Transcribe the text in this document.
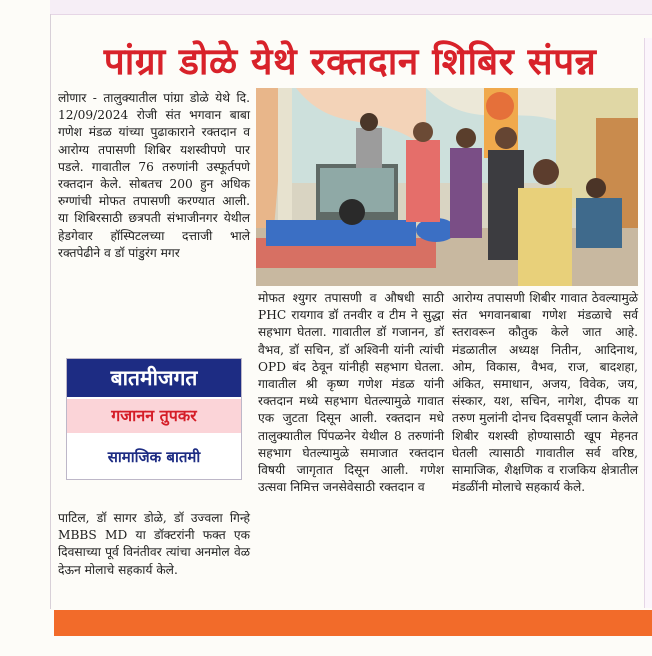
पांग्रा डोळे येथे रक्तदान शिबिर संपन्न

लोणार - तालुक्यातील पांग्रा डोळे येथे दि. 12/09/2024 रोजी संत भगवान बाबा गणेश मंडळ यांच्या पुढाकाराने रक्तदान व आरोग्य तपासणी शिबिर यशस्वीपणे पार पडले. गावातील 76 तरुणांनी उस्फूर्तपणे रक्तदान केले. सोबतच 200 हुन अधिक रुग्णांची मोफत तपासणी करण्यात आली. या शिबिरसाठी छत्रपती संभाजीनगर येथील हेडगेवार हॉस्पिटलच्या दत्ताजी भाले रक्तपेढीने व डॉ पांडुरंग मगर

बातमीजगत
गजानन तुपकर
सामाजिक बातमी

पाटिल, डॉ सागर डोळे, डॉ उज्वला गिन्हे MBBS MD या डॉक्टरांनी फक्त एक दिवसाच्या पूर्व विनंतीवर त्यांचा अनमोल वेळ देऊन मोलाचे सहकार्य केले.

मोफत श्युगर तपासणी व औषधी साठी PHC रायगाव डॉ तनवीर व टीम ने सुद्धा सहभाग घेतला. गावातील डॉ गजानन, डॉ वैभव, डॉ सचिन, डॉ अश्विनी यांनी त्यांची OPD बंद ठेवून यांनीही सहभाग घेतला. गावातील श्री कृष्ण गणेश मंडळ यांनी रक्तदान मध्ये सहभाग घेतल्यामुळे गावात एक जुटता दिसून आली. रक्तदान मधे तालुक्यातील पिंपळनेर येथील 8 तरुणांनी सहभाग घेतल्यामुळे समाजात रक्तदान विषयी जागृतात दिसून आली. गणेश उत्सवा निमित्त जनसेवेसाठी रक्तदान व

आरोग्य तपासणी शिबीर गावात ठेवल्यामुळे संत भगवानबाबा गणेश मंडळाचे सर्व स्तरावरून कौतुक केले जात आहे. मंडळातील अध्यक्ष नितीन, आदिनाथ, ओम, विकास, वैभव, राज, बादशहा, अंकित, समाधान, अजय, विवेक, जय, संस्कार, यश, सचिन, नागेश, दीपक या तरुण मुलांनी दोनच दिवसपूर्वी प्लान केलेले शिबीर यशस्वी होण्यासाठी खूप मेहनत घेतली त्यासाठी गावातील सर्व वरिष्ठ, सामाजिक, शैक्षणिक व राजकिय क्षेत्रातील मंडळींनी मोलाचे सहकार्य केले.
